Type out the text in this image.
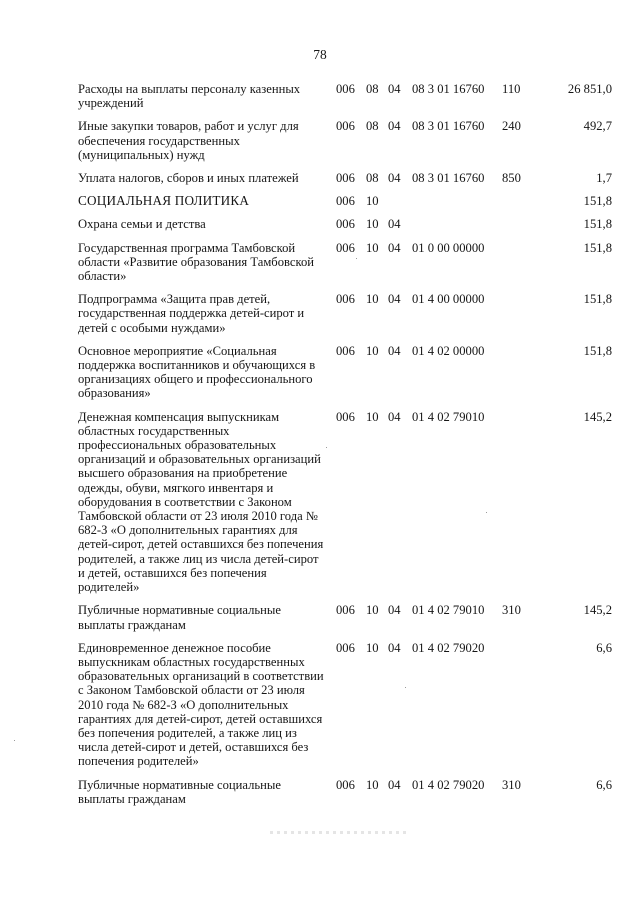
78
Расходы на выплаты персоналу казенных учреждений	006	08	04	08 3 01 16760	110	26 851,0
Иные закупки товаров, работ и услуг для обеспечения государственных (муниципальных) нужд	006	08	04	08 3 01 16760	240	492,7
Уплата налогов, сборов и иных платежей	006	08	04	08 3 01 16760	850	1,7
СОЦИАЛЬНАЯ ПОЛИТИКА	006	10				151,8
Охрана семьи и детства	006	10	04			151,8
Государственная программа Тамбовской области «Развитие образования Тамбовской области»	006	10	04	01 0 00 00000		151,8
Подпрограмма «Защита прав детей, государственная поддержка детей-сирот и детей с особыми нуждами»	006	10	04	01 4 00 00000		151,8
Основное мероприятие «Социальная поддержка воспитанников и обучающихся в организациях общего и профессионального образования»	006	10	04	01 4 02 00000		151,8
Денежная компенсация выпускникам областных государственных профессиональных образовательных организаций и образовательных организаций высшего образования на приобретение одежды, обуви, мягкого инвентаря и оборудования в соответствии с Законом Тамбовской области от 23 июля 2010 года № 682-З «О дополнительных гарантиях для детей-сирот, детей оставшихся без попечения родителей, а также лиц из числа детей-сирот и детей, оставшихся без попечения родителей»	006	10	04	01 4 02 79010		145,2
Публичные нормативные социальные выплаты гражданам	006	10	04	01 4 02 79010	310	145,2
Единовременное денежное пособие выпускникам областных государственных образовательных организаций в соответствии с Законом Тамбовской области от 23 июля 2010 года № 682-З «О дополнительных гарантиях для детей-сирот, детей оставшихся без попечения родителей, а также лиц из числа детей-сирот и детей, оставшихся без попечения родителей»	006	10	04	01 4 02 79020		6,6
Публичные нормативные социальные выплаты гражданам	006	10	04	01 4 02 79020	310	6,6
